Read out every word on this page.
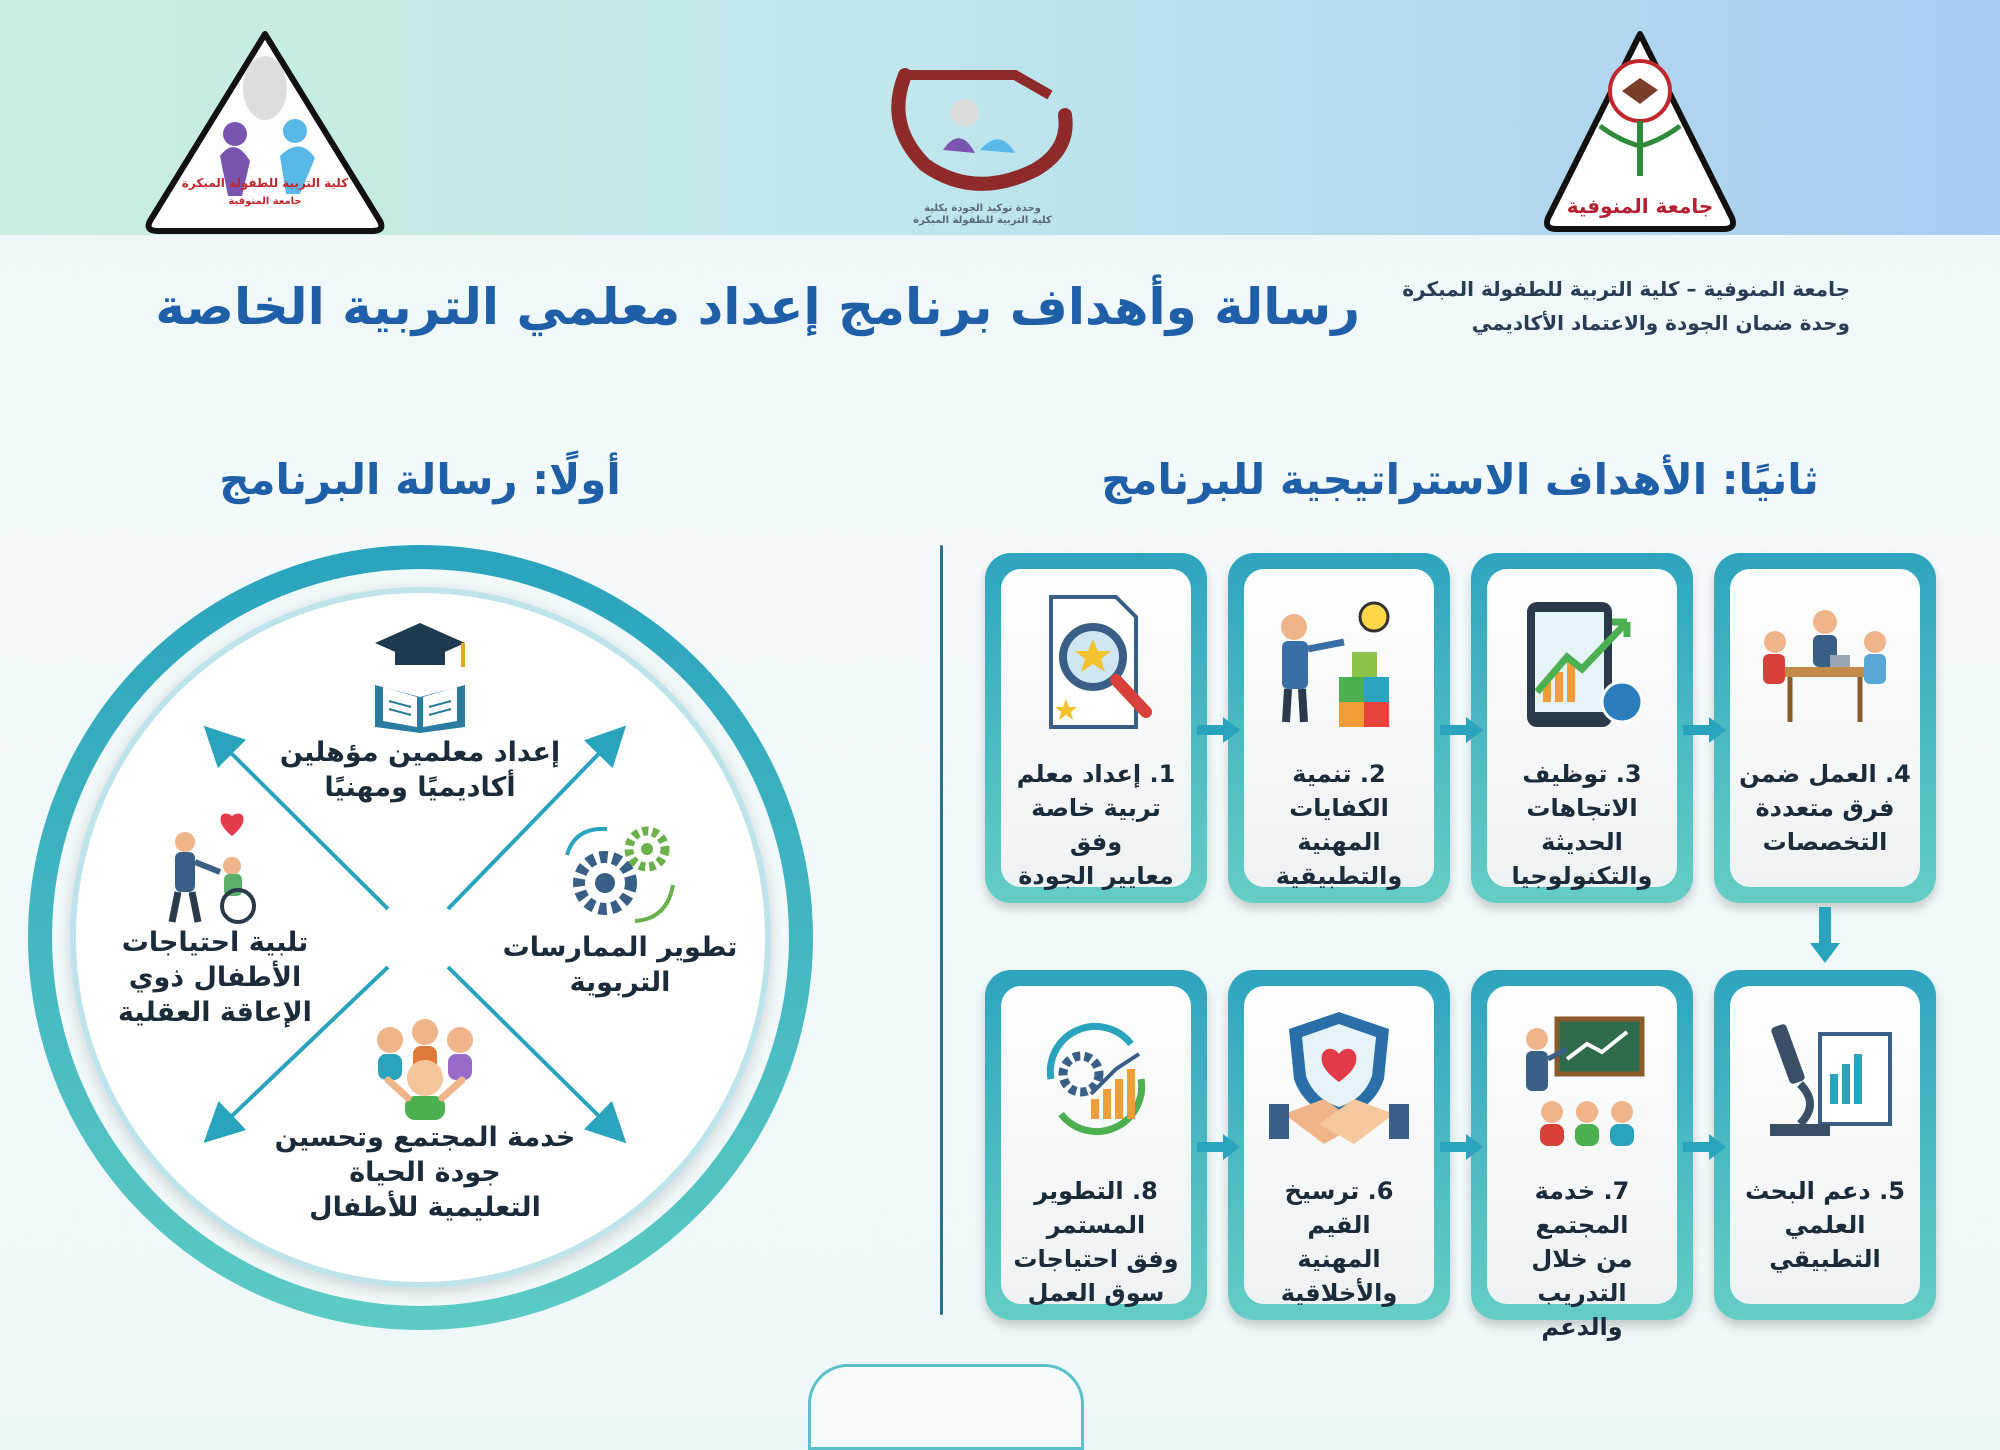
كلية التربية للطفولة المبكرة
جامعة المنوفية
وحدة توكيد الجودة بكلية
كلية التربية للطفولة المبكرة
جامعة المنوفية
جامعة المنوفية – كلية التربية للطفولة المبكرة
وحدة ضمان الجودة والاعتماد الأكاديمي
رسالة وأهداف برنامج إعداد معلمي التربية الخاصة
أولًا: رسالة البرنامج	ثانيًا: الأهداف الاستراتيجية للبرنامج
إعداد معلمين مؤهلين
أكاديميًا ومهنيًا
تلبية احتياجات
الأطفال ذوي
الإعاقة العقلية
تطوير الممارسات
التربوية
خدمة المجتمع وتحسين
جودة الحياة
التعليمية للأطفال
1. إعداد معلم
تربية خاصة وفق
معايير الجودة
2. تنمية
الكفايات المهنية
والتطبيقية
3. توظيف
الاتجاهات الحديثة
والتكنولوجيا
4. العمل ضمن
فرق متعددة
التخصصات
5. دعم البحث
العلمي
التطبيقي
7. خدمة المجتمع
من خلال التدريب
والدعم
6. ترسيخ القيم
المهنية
والأخلاقية
8. التطوير المستمر
وفق احتياجات
سوق العمل
